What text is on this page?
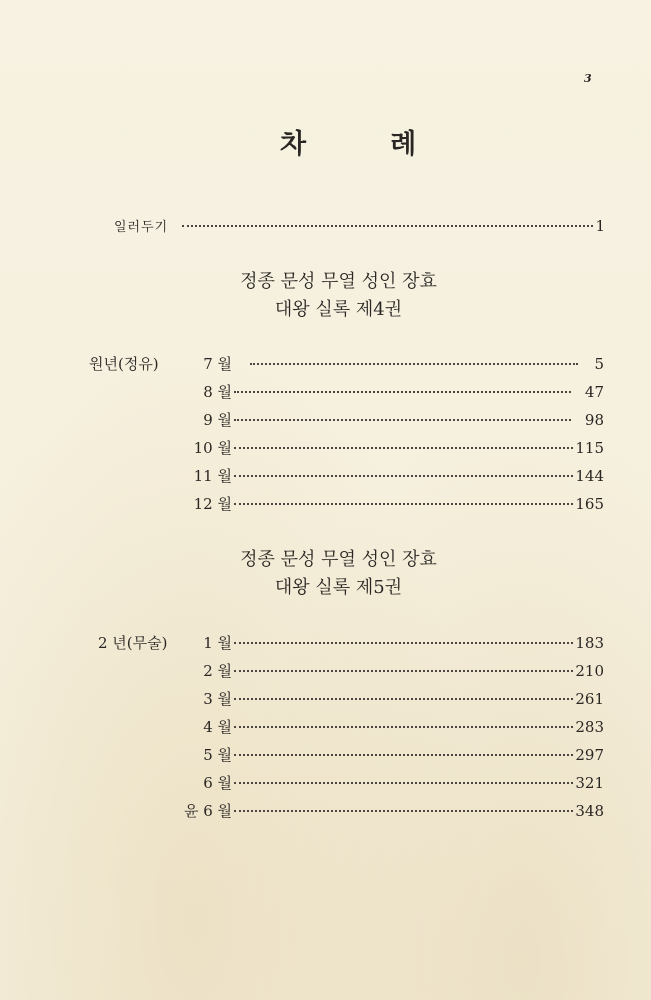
3
차	례
일러두기	1
정종 문성 무열 성인 장효
대왕 실록 제4권
원년(정유)	7 월	5
8 월	47
9 월	98
10 월	115
11 월	144
12 월	165
정종 문성 무열 성인 장효
대왕 실록 제5권
2 년(무술)	1 월	183
2 월	210
3 월	261
4 월	283
5 월	297
6 월	321
윤 6 월	348
